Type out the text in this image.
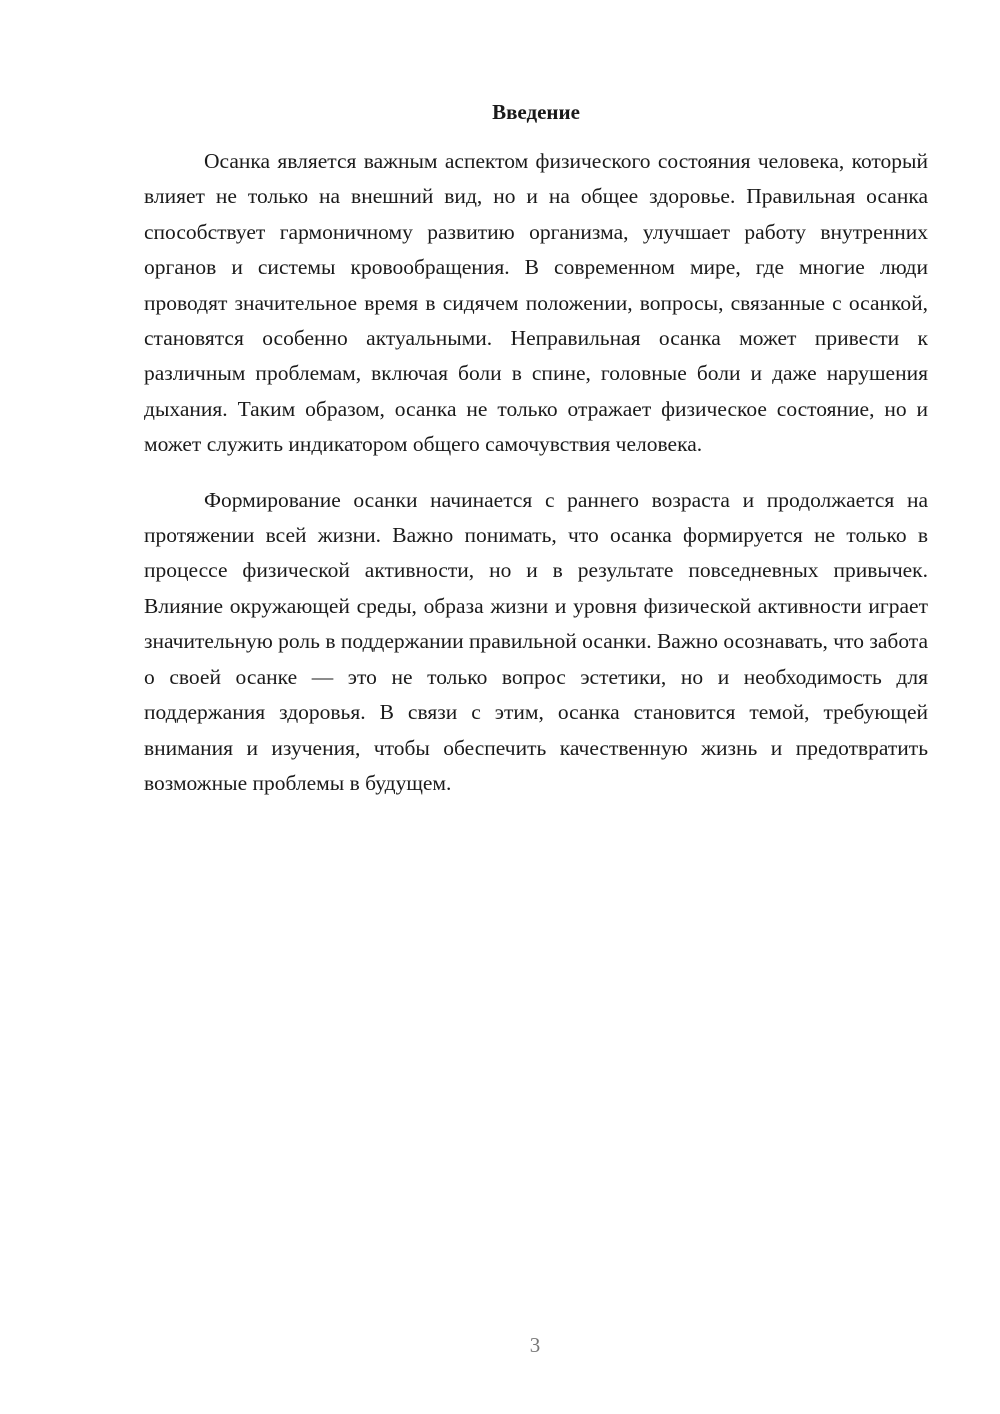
Введение

Осанка является важным аспектом физического состояния человека, который влияет не только на внешний вид, но и на общее здоровье. Правильная осанка способствует гармоничному развитию организма, улучшает работу внутренних органов и системы кровообращения. В современном мире, где многие люди проводят значительное время в сидячем положении, вопросы, связанные с осанкой, становятся особенно актуальными. Неправильная осанка может привести к различным проблемам, включая боли в спине, головные боли и даже нарушения дыхания. Таким образом, осанка не только отражает физическое состояние, но и может служить индикатором общего самочувствия человека.

Формирование осанки начинается с раннего возраста и продолжается на протяжении всей жизни. Важно понимать, что осанка формируется не только в процессе физической активности, но и в результате повседневных привычек. Влияние окружающей среды, образа жизни и уровня физической активности играет значительную роль в поддержании правильной осанки. Важно осознавать, что забота о своей осанке — это не только вопрос эстетики, но и необходимость для поддержания здоровья. В связи с этим, осанка становится темой, требующей внимания и изучения, чтобы обеспечить качественную жизнь и предотвратить возможные проблемы в будущем.

3
